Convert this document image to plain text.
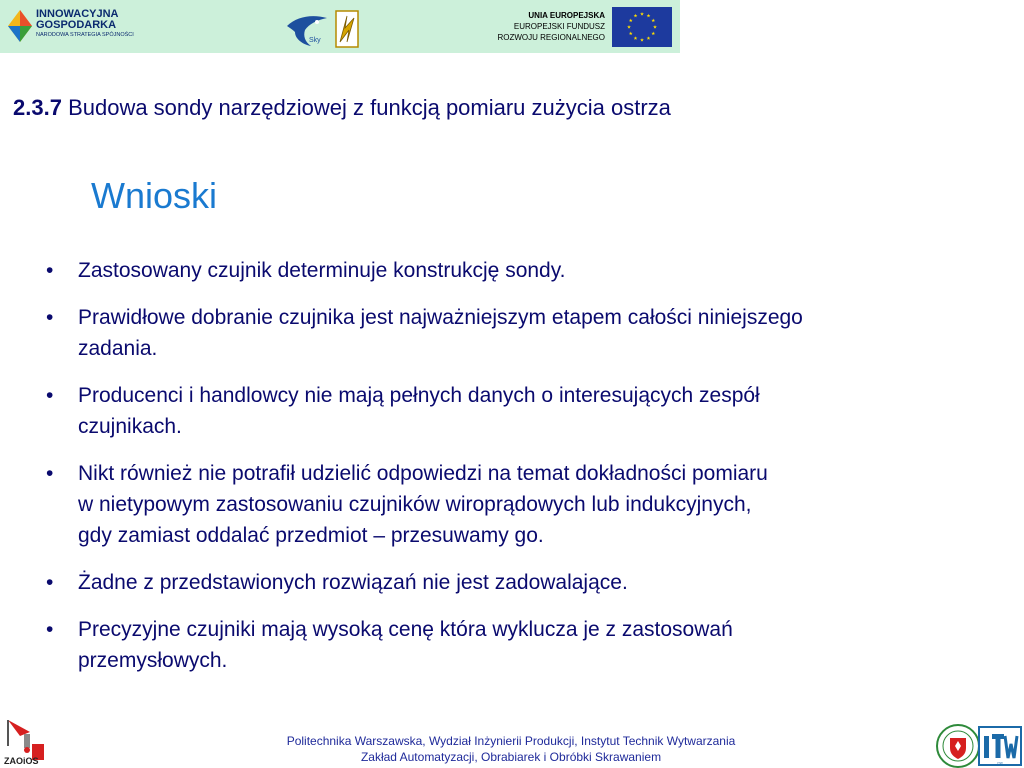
INNOWACYJNA
GOSPODARKA
NARODOWA STRATEGIA SPÓJNOŚCI
Sky
UNIA EUROPEJSKA
EUROPEJSKI FUNDUSZ
ROZWOJU REGIONALNEGO
2.3.7 Budowa sondy narzędziowej z funkcją pomiaru zużycia ostrza
Wnioski
• Zastosowany czujnik determinuje konstrukcję sondy.
• Prawidłowe dobranie czujnika jest najważniejszym etapem całości niniejszego
zadania.
• Producenci i handlowcy nie mają pełnych danych o interesujących zespół
czujnikach.
• Nikt również nie potrafił udzielić odpowiedzi na temat dokładności pomiaru
w nietypowym zastosowaniu czujników wiroprądowych lub indukcyjnych,
gdy zamiast oddalać przedmiot – przesuwamy go.
• Żadne z przedstawionych rozwiązań nie jest zadowalające.
• Precyzyjne czujniki mają wysoką cenę która wyklucza je z zastosowań
przemysłowych.
ZAOiOS
Politechnika Warszawska, Wydział Inżynierii Produkcji, Instytut Technik Wytwarzania
Zakład Automatyzacji, Obrabiarek i Obróbki Skrawaniem	ITW
